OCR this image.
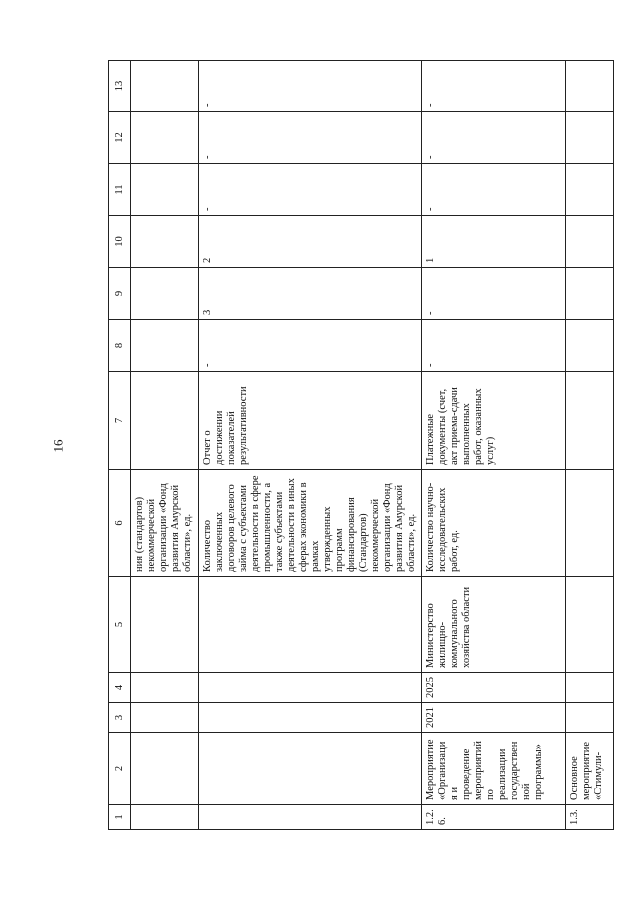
16
1	2	3	4	5	6	7	8	9	10	11	12	13
					ния (стандартов) некоммерческой организации «Фонд развития Амурской области», ед.							
					Количество заключенных договоров целевого займа с субъектами деятельности в сфере промышленности, а также субъектами деятельности в иных сферах экономики в рамках утвержденных программ финансирования (Стандартов) некоммерческой организации «Фонд развития Амурской области», ед.	Отчет о достижении показателей результативности	-	3	2	-	-	-
1.2.6.	Мероприятие «Организация и проведение мероприятий по реализации государственной программы»	2021	2025	Министерство жилищно-коммунального хозяйства области	Количество научно-исследовательских работ, ед.	Платежные документы (счет, акт приема-сдачи выполненных работ, оказанных услуг)	-	-	1	-	-	-
1.3.	Основное мероприятие «Стимули-											
